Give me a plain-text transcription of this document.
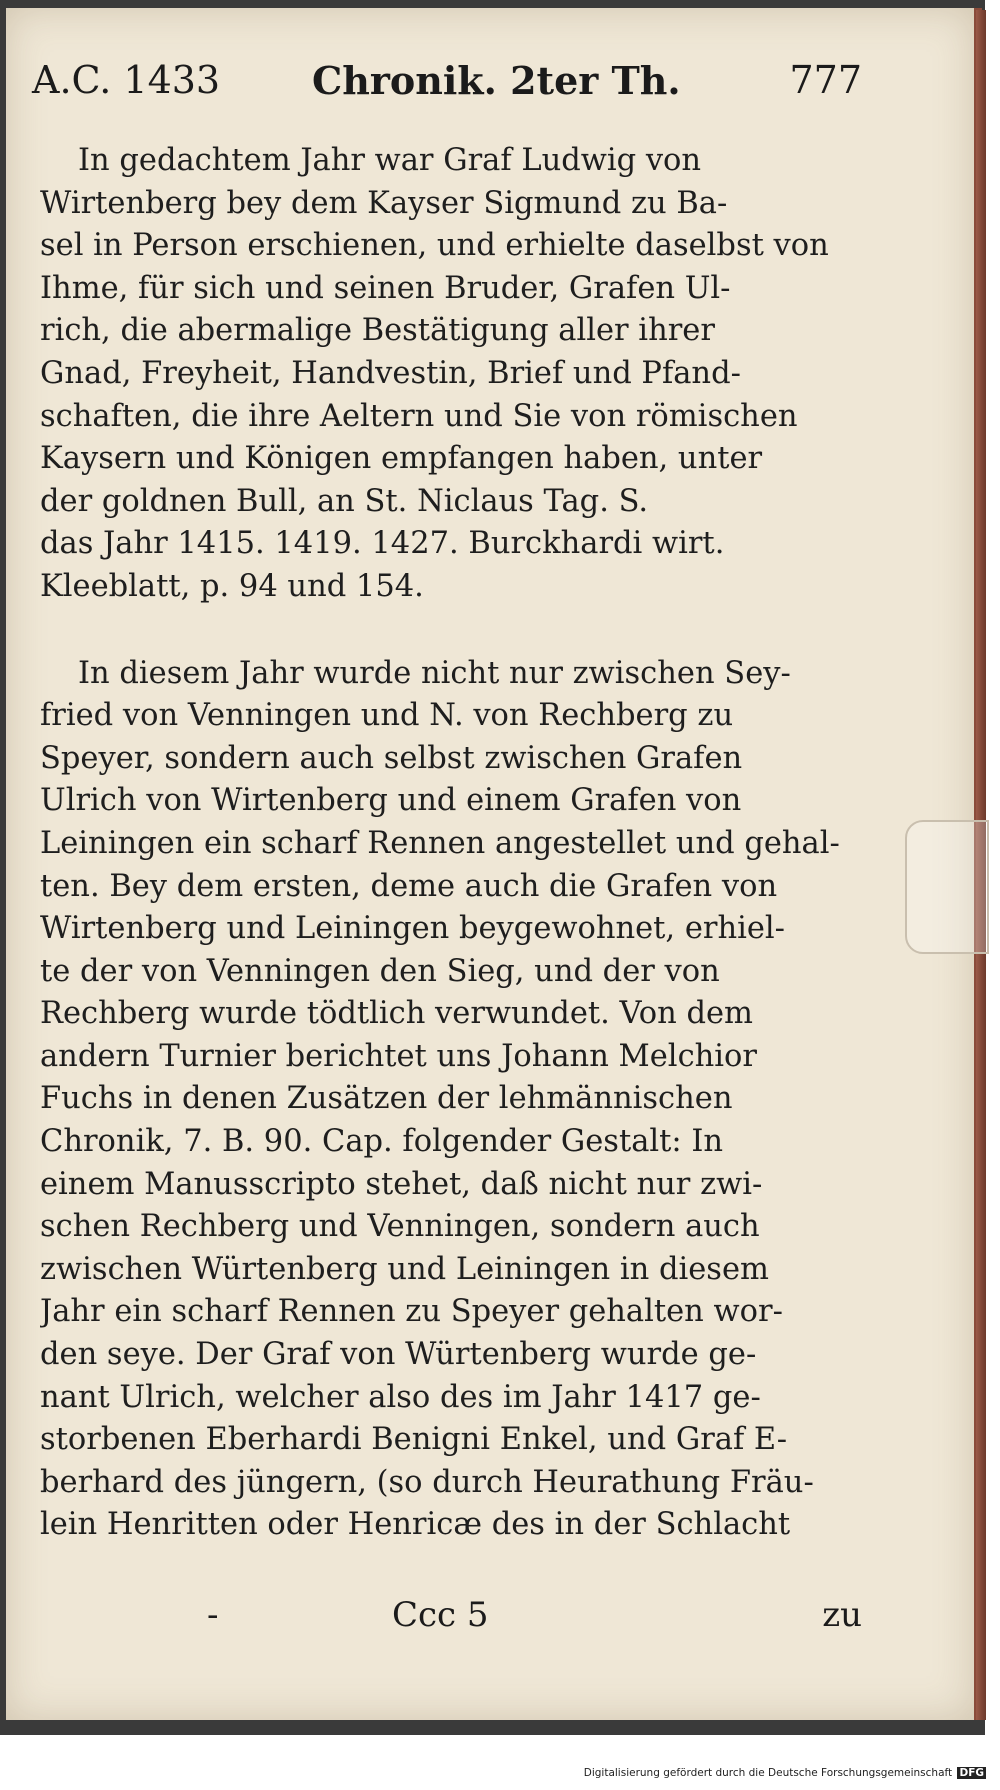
A.C. 1433 Chronik. 2ter Th.	777

In gedachtem Jahr war Graf Ludwig von
Wirtenberg bey dem Kayser Sigmund zu Ba-
sel in Person erschienen, und erhielte daselbst von
Ihme, für sich und seinen Bruder, Grafen Ul-
rich, die abermalige Bestätigung aller ihrer
Gnad, Freyheit, Handvestin, Brief und Pfand-
schaften, die ihre Aeltern und Sie von römischen
Kaysern und Königen empfangen haben, unter
der goldnen Bull, an St. Niclaus Tag. S.
das Jahr 1415. 1419. 1427. Burckhardi wirt.
Kleeblatt, p. 94 und 154.

In diesem Jahr wurde nicht nur zwischen Sey-
fried von Venningen und N. von Rechberg zu
Speyer, sondern auch selbst zwischen Grafen
Ulrich von Wirtenberg und einem Grafen von
Leiningen ein scharf Rennen angestellet und gehal-
ten. Bey dem ersten, deme auch die Grafen von
Wirtenberg und Leiningen beygewohnet, erhiel-
te der von Venningen den Sieg, und der von
Rechberg wurde tödtlich verwundet. Von dem
andern Turnier berichtet uns Johann Melchior
Fuchs in denen Zusätzen der lehmännischen
Chronik, 7. B. 90. Cap. folgender Gestalt: In
einem Manusscripto stehet, daß nicht nur zwi-
schen Rechberg und Venningen, sondern auch
zwischen Würtenberg und Leiningen in diesem
Jahr ein scharf Rennen zu Speyer gehalten wor-
den seye. Der Graf von Würtenberg wurde ge-
nant Ulrich, welcher also des im Jahr 1417 ge-
storbenen Eberhardi Benigni Enkel, und Graf E-
berhard des jüngern, (so durch Heurathung Fräu-
lein Henritten oder Henricæ des in der Schlacht

-	Ccc 5	zu
Digitalisierung gefördert durch die Deutsche Forschungsgemeinschaft DFG
